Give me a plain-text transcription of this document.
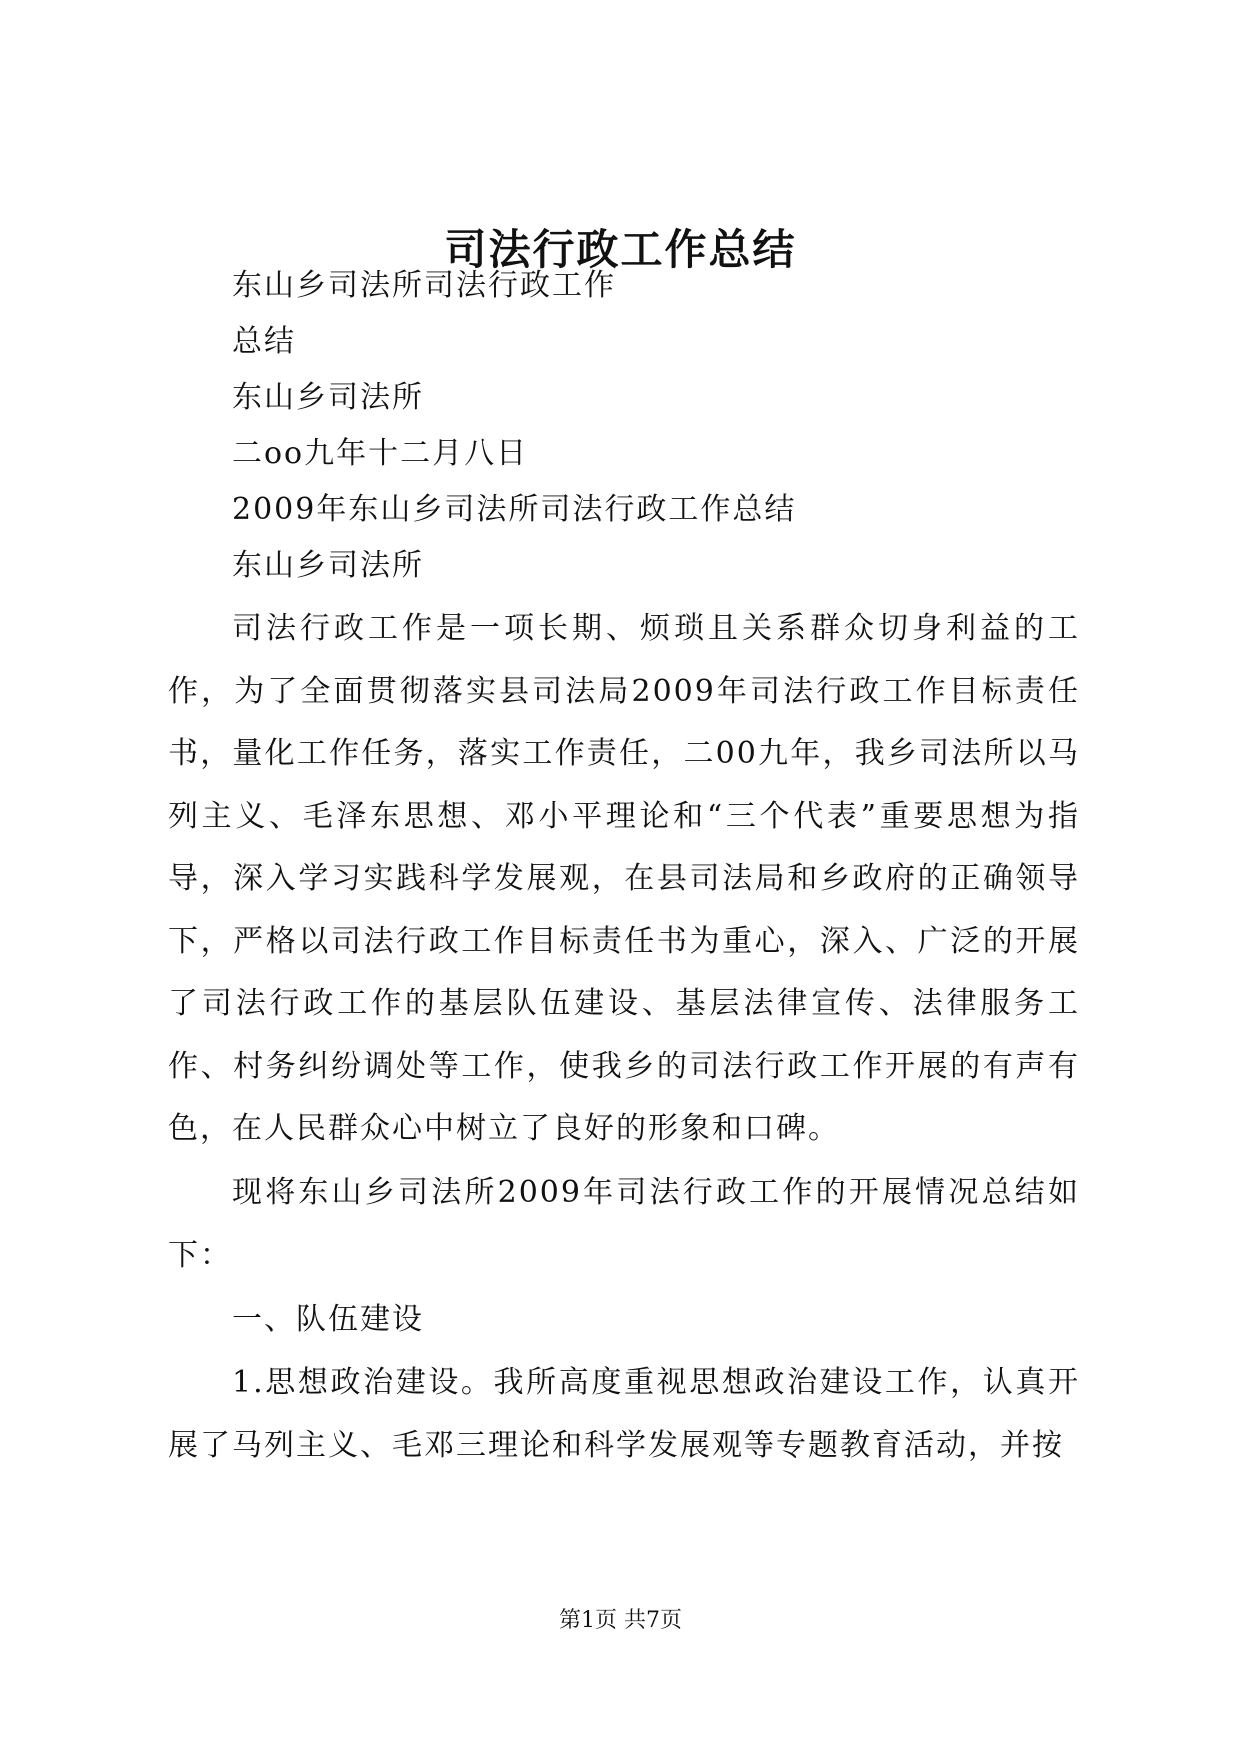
司法行政工作总结

东山乡司法所司法行政工作

总结

东山乡司法所

二oo九年十二月八日

2009年东山乡司法所司法行政工作总结

东山乡司法所

司法行政工作是一项长期、烦琐且关系群众切身利益的工作，为了全面贯彻落实县司法局2009年司法行政工作目标责任书，量化工作任务，落实工作责任，二00九年，我乡司法所以马列主义、毛泽东思想、邓小平理论和“三个代表”重要思想为指导，深入学习实践科学发展观，在县司法局和乡政府的正确领导下，严格以司法行政工作目标责任书为重心，深入、广泛的开展了司法行政工作的基层队伍建设、基层法律宣传、法律服务工作、村务纠纷调处等工作，使我乡的司法行政工作开展的有声有色，在人民群众心中树立了良好的形象和口碑。

现将东山乡司法所2009年司法行政工作的开展情况总结如下：

一、队伍建设

1.思想政治建设。我所高度重视思想政治建设工作，认真开展了马列主义、毛邓三理论和科学发展观等专题教育活动，并按

第1页 共7页
